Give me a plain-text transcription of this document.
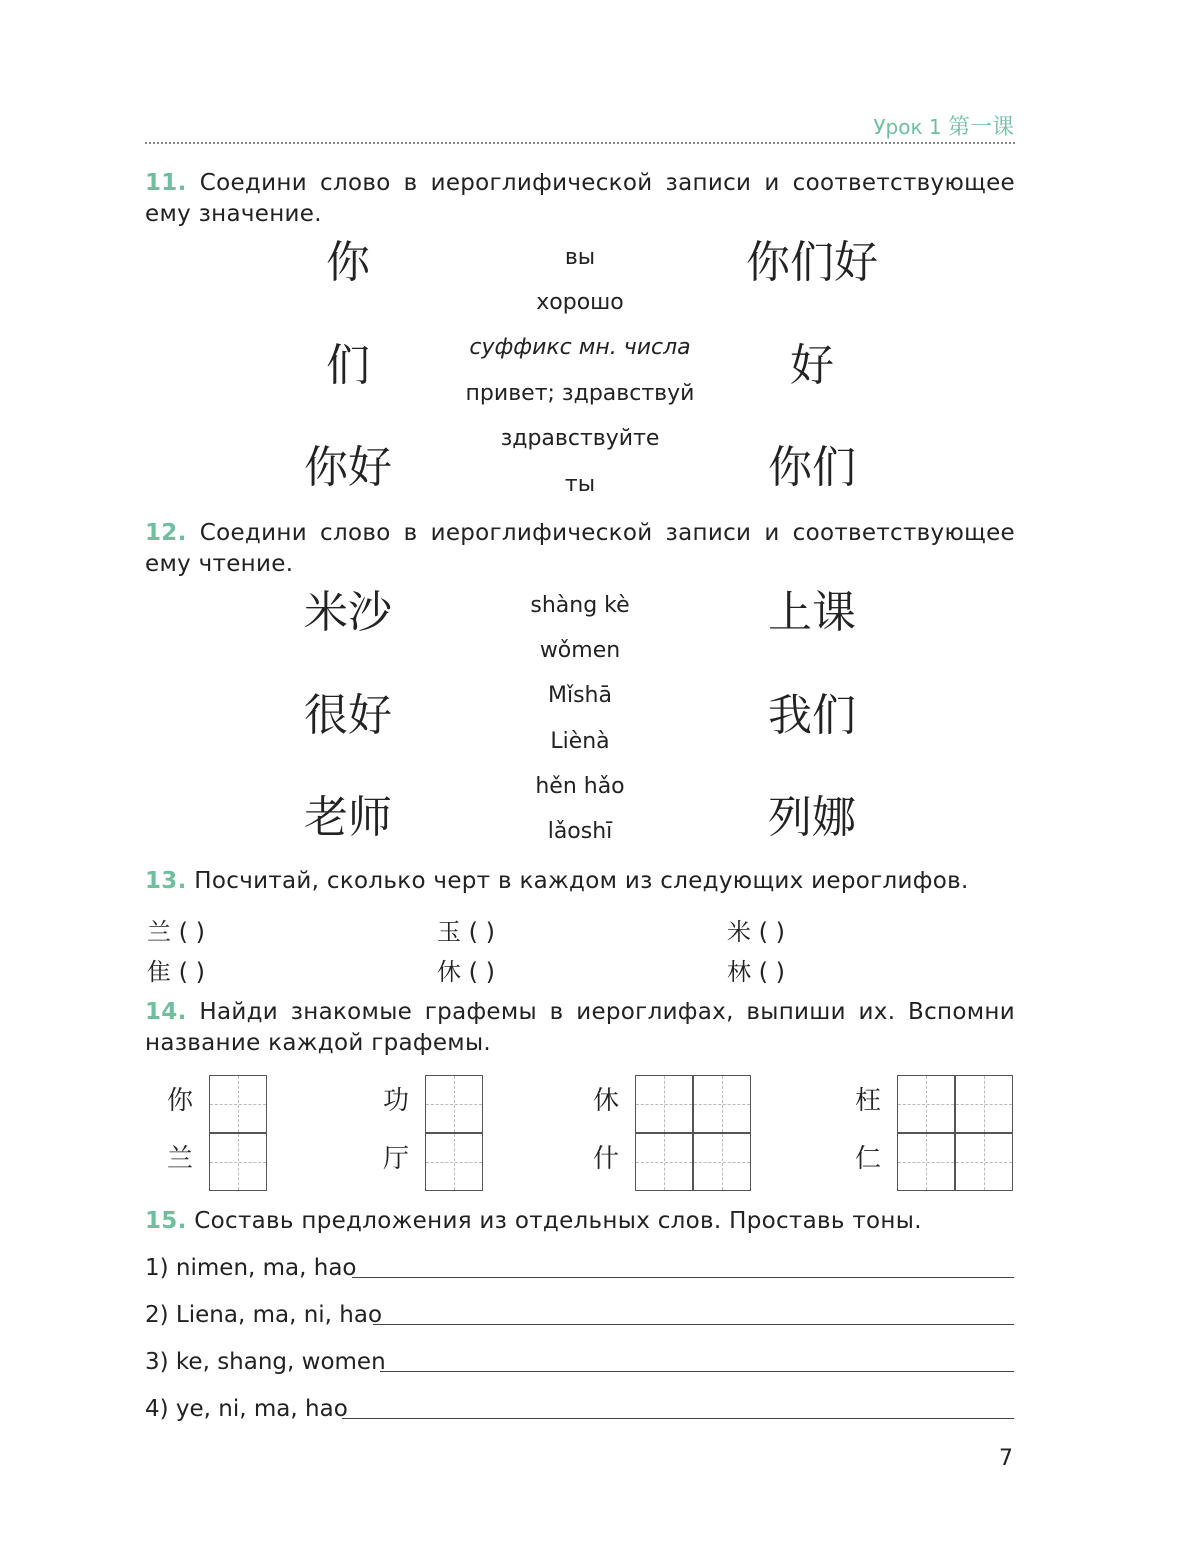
Урок 1 第一课
11. Соедини слово в иероглифической записи и соответствующее ему значение.
你
们
你好
вы
хорошо
суффикс мн. числа
привет; здравствуй
здравствуйте
ты
你们好
好
你们
12. Соедини слово в иероглифической записи и соответствующее ему чтение.
米沙
很好
老师
shàng kè
wǒmen
Mǐshā
Liènà
hěn hǎo
lǎoshī
上课
我们
列娜
13. Посчитай, сколько черт в каждом из следующих иероглифов.
兰 ( )	玉 ( )	米 ( )
隹 ( )	休 ( )	林 ( )
14. Найди знакомые графемы в иероглифах, выпиши их. Вспомни название каждой графемы.
你
兰
功
厅
休
什
枉
仁
15. Составь предложения из отдельных слов. Проставь тоны.
1) nimen, ma, hao
2) Liena, ma, ni, hao
3) ke, shang, women
4) ye, ni, ma, hao
7
